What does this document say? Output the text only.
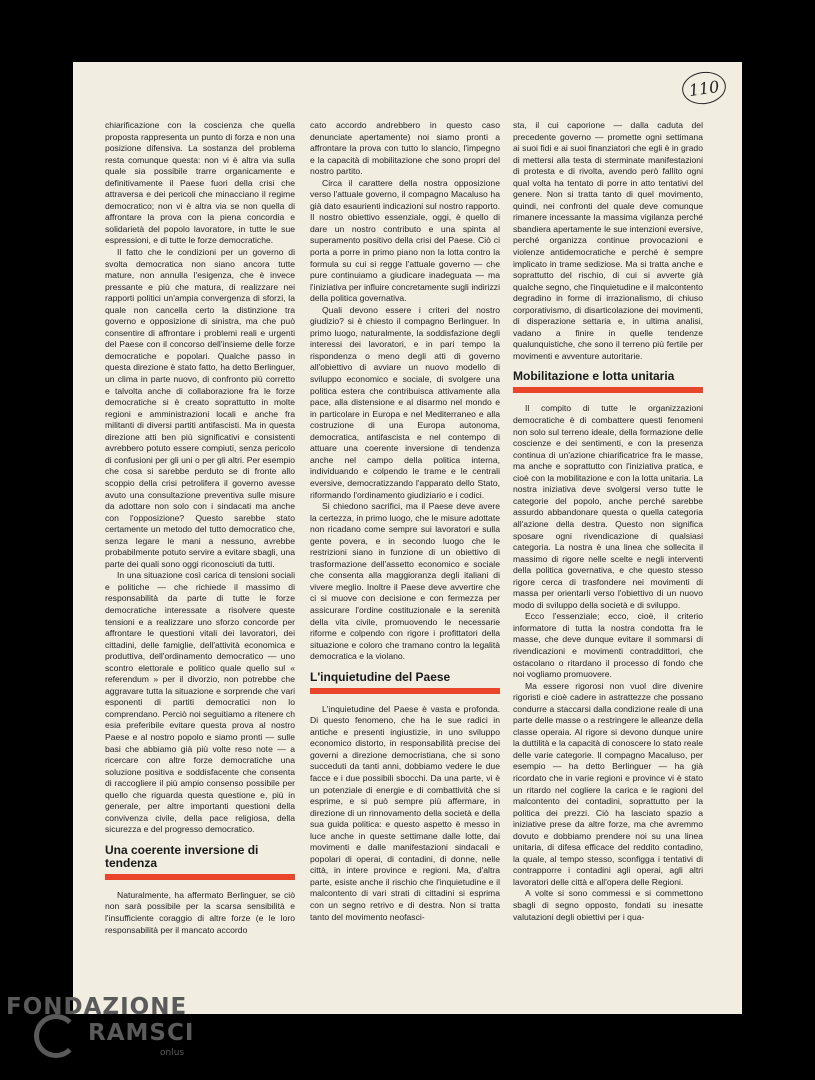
110

chiarificazione con la coscienza che quella proposta rappresenta un punto di forza e non una posizione difensiva. La sostanza del problema resta comunque questa: non vi è altra via sulla quale sia possibile trarre organicamente e definitivamente il Paese fuori della crisi che attraversa e dei pericoli che minacciano il regime democratico; non vi è altra via se non quella di affrontare la prova con la piena concordia e solidarietà del popolo lavoratore, in tutte le sue espressioni, e di tutte le forze democratiche.

Il fatto che le condizioni per un governo di svolta democratica non siano ancora tutte mature, non annulla l'esigenza, che è invece pressante e più che matura, di realizzare nei rapporti politici un'ampia convergenza di sforzi, la quale non cancella certo la distinzione tra governo e opposizione di sinistra, ma che può consentire di affrontare i problemi reali e urgenti del Paese con il concorso dell'insieme delle forze democratiche e popolari. Qualche passo in questa direzione è stato fatto, ha detto Berlinguer, un clima in parte nuovo, di confronto più corretto e talvolta anche di collaborazione fra le forze democratiche si è creato soprattutto in molte regioni e amministrazioni locali e anche fra militanti di diversi partiti antifascisti. Ma in questa direzione atti ben più significativi e consistenti avrebbero potuto essere compiuti, senza pericolo di confusioni per gli uni o per gli altri. Per esempio che cosa si sarebbe perduto se di fronte allo scoppio della crisi petrolifera il governo avesse avuto una consultazione preventiva sulle misure da adottare non solo con i sindacati ma anche con l'opposizione? Questo sarebbe stato certamente un metodo del tutto democratico che, senza legare le mani a nessuno, avrebbe probabilmente potuto servire a evitare sbagli, una parte dei quali sono oggi riconosciuti da tutti.

In una situazione così carica di tensioni sociali e politiche — che richiede il massimo di responsabilità da parte di tutte le forze democratiche interessate a risolvere queste tensioni e a realizzare uno sforzo concorde per affrontare le questioni vitali dei lavoratori, dei cittadini, delle famiglie, dell'attività economica e produttiva, dell'ordinamento democratico — uno scontro elettorale e politico quale quello sul « referendum » per il divorzio, non potrebbe che aggravare tutta la situazione e sorprende che vari esponenti di partiti democratici non lo comprendano. Perciò noi seguitiamo a ritenere ch esia preferibile evitare questa prova al nostro Paese e al nostro popolo e siamo pronti — sulle basi che abbiamo già più volte reso note — a ricercare con altre forze democratiche una soluzione positiva e soddisfacente che consenta di raccogliere il più ampio consenso possibile per quello che riguarda questa questione e, più in generale, per altre importanti questioni della convivenza civile, della pace religiosa, della sicurezza e del progresso democratico.

Una coerente inversione di tendenza

Naturalmente, ha affermato Berlinguer, se ciò non sarà possibile per la scarsa sensibilità e l'insufficiente coraggio di altre forze (e le loro responsabilità per il mancato accordo

cato accordo andrebbero in questo caso denunciate apertamente) noi siamo pronti a affrontare la prova con tutto lo slancio, l'impegno e la capacità di mobilitazione che sono propri del nostro partito.

Circa il carattere della nostra opposizione verso l'attuale governo, il compagno Macaluso ha già dato esaurienti indicazioni sul nostro rapporto. Il nostro obiettivo essenziale, oggi, è quello di dare un nostro contributo e una spinta al superamento positivo della crisi del Paese. Ciò ci porta a porre in primo piano non la lotta contro la formula su cui si regge l'attuale governo — che pure continuiamo a giudicare inadeguata — ma l'iniziativa per influire concretamente sugli indirizzi della politica governativa.

Quali devono essere i criteri del nostro giudizio? si è chiesto il compagno Berlinguer. In primo luogo, naturalmente, la soddisfazione degli interessi dei lavoratori, e in pari tempo la rispondenza o meno degli atti di governo all'obiettivo di avviare un nuovo modello di sviluppo economico e sociale, di svolgere una politica estera che contribuisca attivamente alla pace, alla distensione e al disarmo nel mondo e in particolare in Europa e nel Mediterraneo e alla costruzione di una Europa autonoma, democratica, antifascista e nel contempo di attuare una coerente inversione di tendenza anche nel campo della politica interna, individuando e colpendo le trame e le centrali eversive, democratizzando l'apparato dello Stato, riformando l'ordinamento giudiziario e i codici.

Si chiedono sacrifici, ma il Paese deve avere la certezza, in primo luogo, che le misure adottate non ricadano come sempre sui lavoratori e sulla gente povera, e in secondo luogo che le restrizioni siano in funzione di un obiettivo di trasformazione dell'assetto economico e sociale che consenta alla maggioranza degli italiani di vivere meglio. Inoltre il Paese deve avvertire che ci si muove con decisione e con fermezza per assicurare l'ordine costituzionale e la serenità della vita civile, promuovendo le necessarie riforme e colpendo con rigore i profittatori della situazione e coloro che tramano contro la legalità democratica e la violano.

L'inquietudine del Paese

L'inquietudine del Paese è vasta e profonda. Di questo fenomeno, che ha le sue radici in antiche e presenti ingiustizie, in uno sviluppo economico distorto, in responsabilità precise dei governi a direzione democristiana, che si sono succeduti da tanti anni, dobbiamo vedere le due facce e i due possibili sbocchi. Da una parte, vi è un potenziale di energie e di combattività che si esprime, e si può sempre più affermare, in direzione di un rinnovamento della società e della sua guida politica: e questo aspetto è messo in luce anche in queste settimane dalle lotte, dai movimenti e dalle manifestazioni sindacali e popolari di operai, di contadini, di donne, nelle città, in intere province e regioni. Ma, d'altra parte, esiste anche il rischio che l'inquietudine e il malcontento di vari strati di cittadini si esprima con un segno retrivo e di destra. Non si tratta tanto del movimento neofasci-

sta, il cui caporione — dalla caduta del precedente governo — promette ogni settimana ai suoi fidi e ai suoi finanziatori che egli è in grado di mettersi alla testa di sterminate manifestazioni di protesta e di rivolta, avendo però fallito ogni qual volta ha tentato di porre in atto tentativi del genere. Non si tratta tanto di quel movimento, quindi, nei confronti del quale deve comunque rimanere incessante la massima vigilanza perché sbandiera apertamente le sue intenzioni eversive, perché organizza continue provocazioni e violenze antidemocratiche e perché è sempre implicato in trame sediziose. Ma si tratta anche e soprattutto del rischio, di cui si avverte già qualche segno, che l'inquietudine e il malcontento degradino in forme di irrazionalismo, di chiuso corporativismo, di disarticolazione dei movimenti, di disperazione settaria e, in ultima analisi, vadano a finire in quelle tendenze qualunquistiche, che sono il terreno più fertile per movimenti e avventure autoritarie.

Mobilitazione e lotta unitaria

Il compito di tutte le organizzazioni democratiche è di combattere questi fenomeni non solo sul terreno ideale, della formazione delle coscienze e dei sentimenti, e con la presenza continua di un'azione chiarificatrice fra le masse, ma anche e soprattutto con l'iniziativa pratica, e cioè con la mobilitazione e con la lotta unitaria. La nostra iniziativa deve svolgersi verso tutte le categorie del popolo, anche perché sarebbe assurdo abbandonare questa o quella categoria all'azione della destra. Questo non significa sposare ogni rivendicazione di qualsiasi categoria. La nostra è una linea che sollecita il massimo di rigore nelle scelte e negli interventi della politica governativa, e che questo stesso rigore cerca di trasfondere nei movimenti di massa per orientarli verso l'obiettivo di un nuovo modo di sviluppo della società e di sviluppo.

Ecco l'essenziale; ecco, cioè, il criterio informatore di tutta la nostra condotta fra le masse, che deve dunque evitare il sommarsi di rivendicazioni e movimenti contraddittori, che ostacolano o ritardano il processo di fondo che noi vogliamo promuovere.

Ma essere rigorosi non vuol dire divenire rigoristi e cioè cadere in astrattezze che possano condurre a staccarsi dalla condizione reale di una parte delle masse o a restringere le alleanze della classe operaia. Al rigore si devono dunque unire la duttilità e la capacità di conoscere lo stato reale delle varie categorie. Il compagno Macaluso, per esempio — ha detto Berlinguer — ha già ricordato che in varie regioni e province vi è stato un ritardo nel cogliere la carica e le ragioni del malcontento dei contadini, soprattutto per la politica dei prezzi. Ciò ha lasciato spazio a iniziative prese da altre forze, ma che avremmo dovuto e dobbiamo prendere noi su una linea unitaria, di difesa efficace del reddito contadino, la quale, al tempo stesso, sconfigga i tentativi di contrapporre i contadini agli operai, agli altri lavoratori delle città e all'opera delle Regioni.

A volte si sono commessi e si commettono sbagli di segno opposto, fondati su inesatte valutazioni degli obiettivi per i qua-

FONDAZIONE
RAMSCI
onlus
